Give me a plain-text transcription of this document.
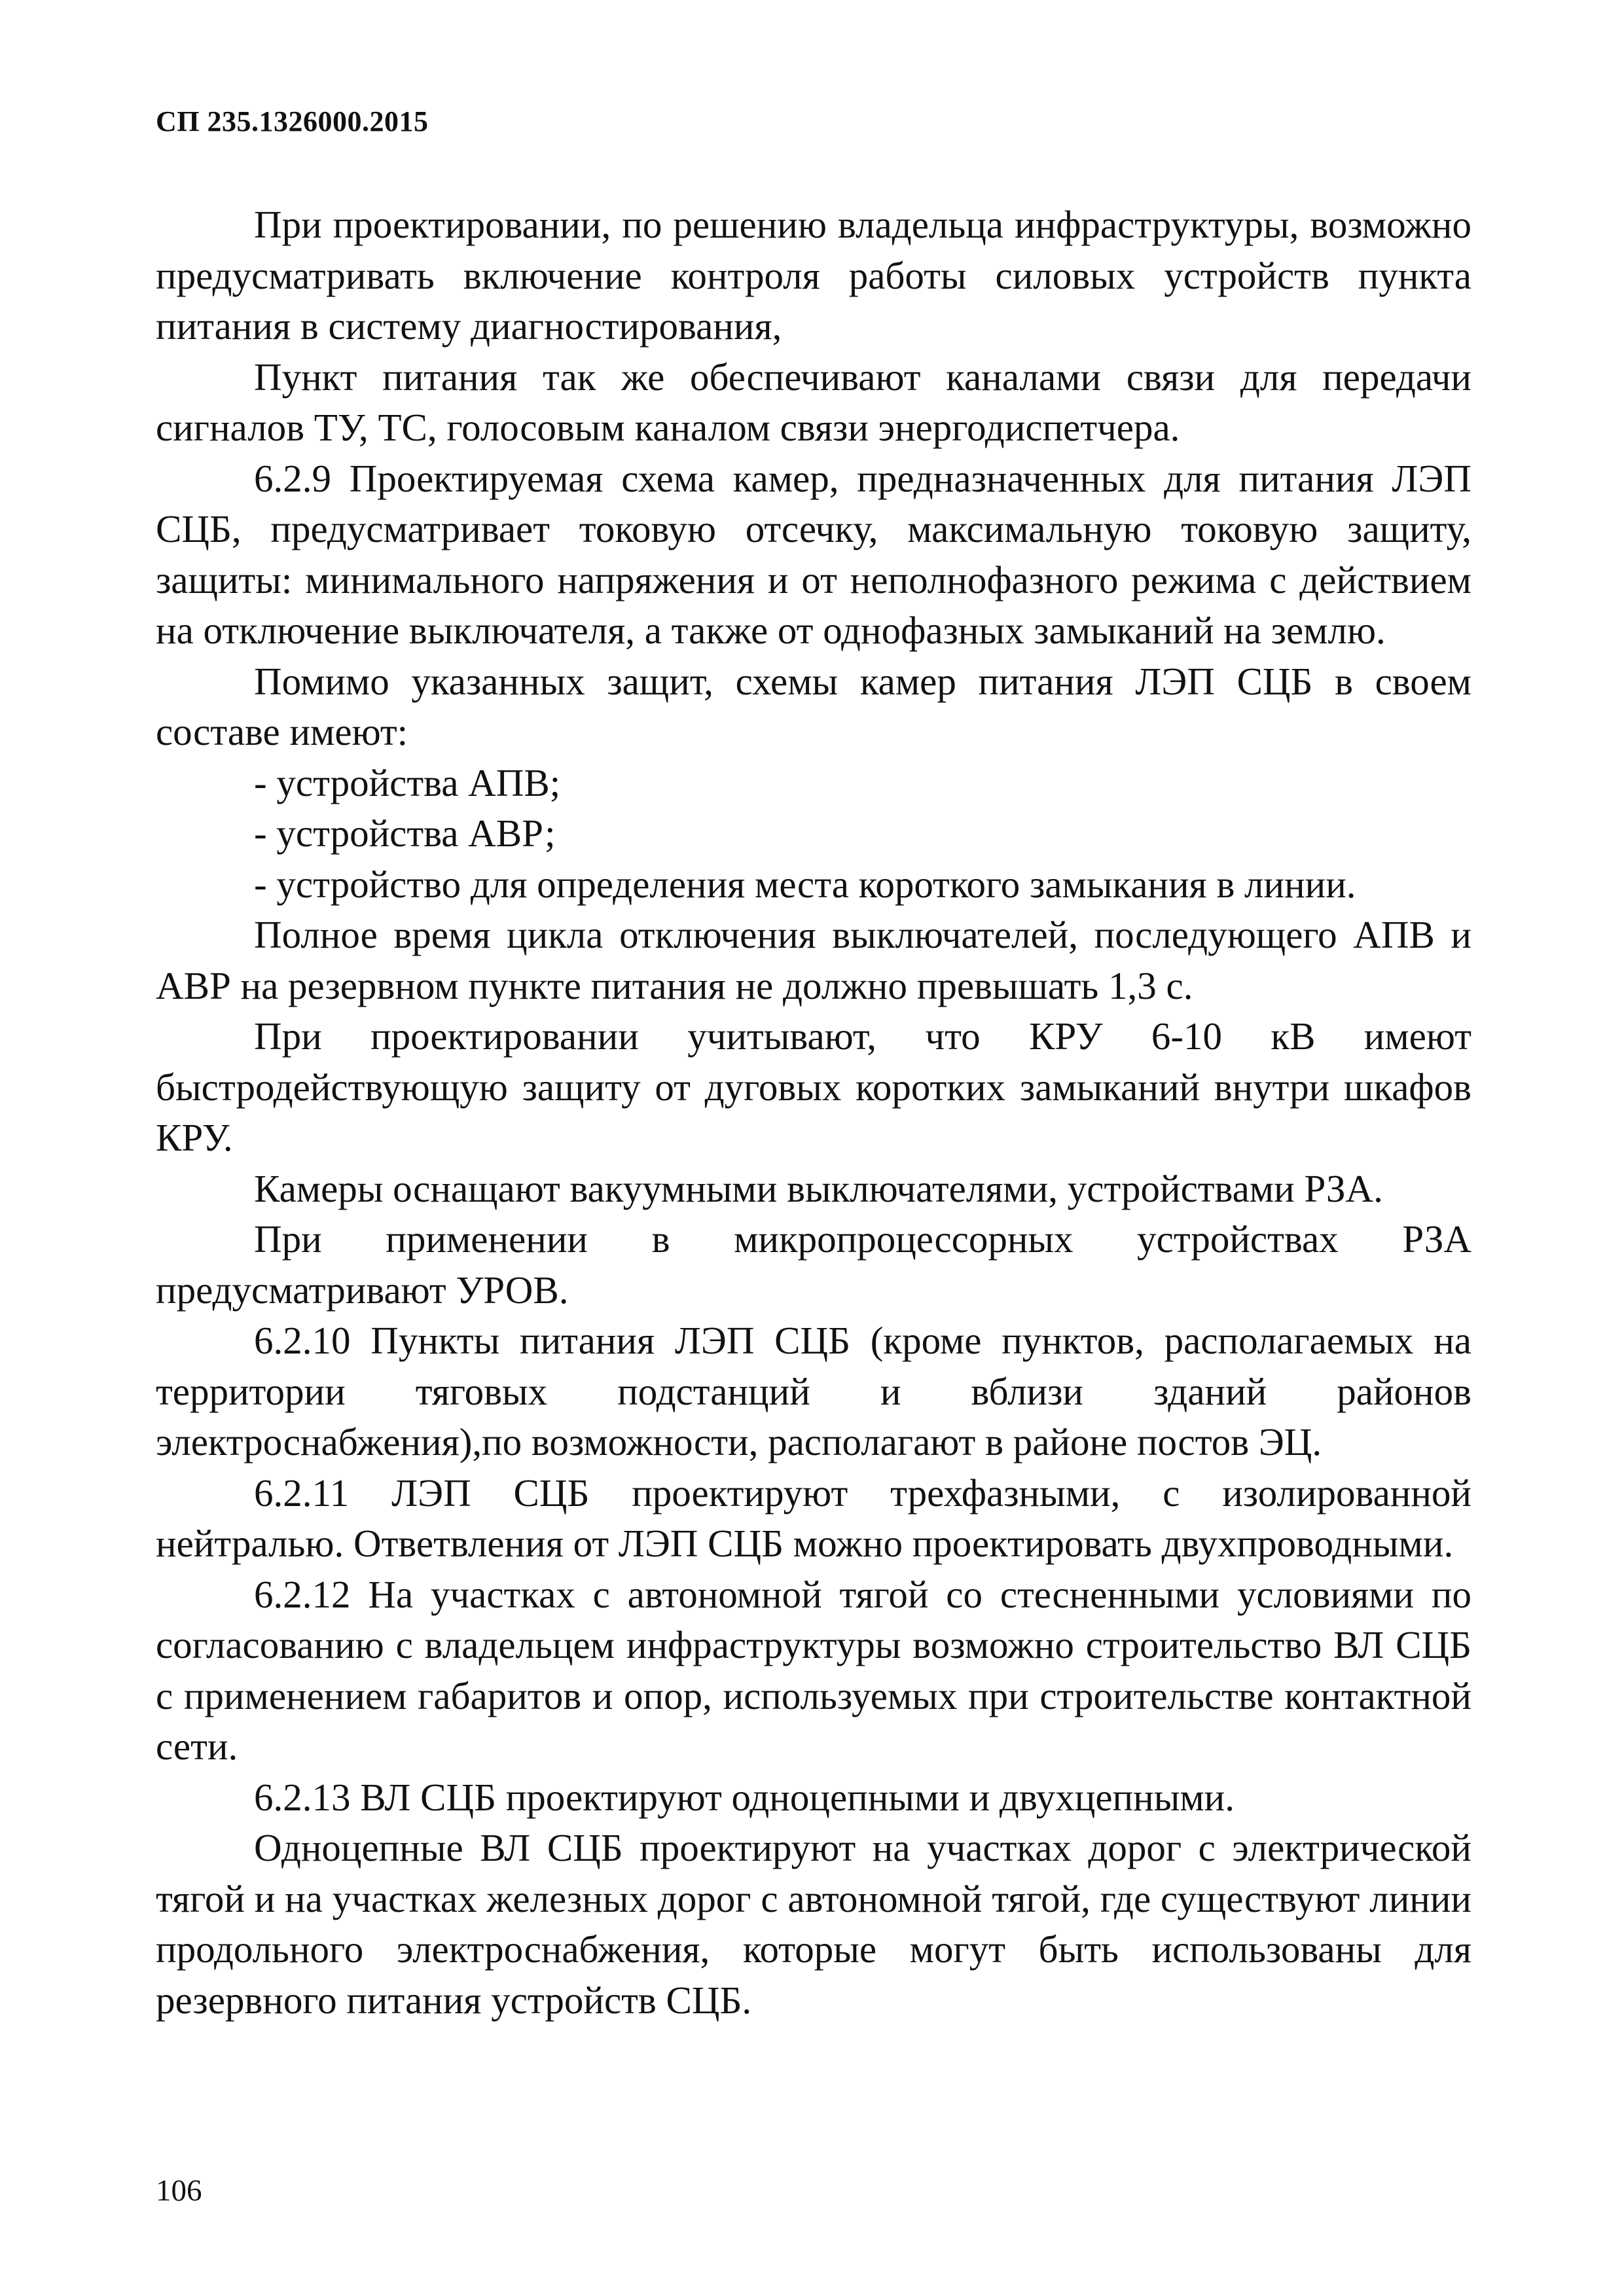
СП 235.1326000.2015

При проектировании, по решению владельца инфраструктуры, возможно предусматривать включение контроля работы силовых устройств пункта питания в систему диагностирования,

Пункт питания так же обеспечивают каналами связи для передачи сигналов ТУ, ТС, голосовым каналом связи энергодиспетчера.

6.2.9 Проектируемая схема камер, предназначенных для питания ЛЭП СЦБ, предусматривает токовую отсечку, максимальную токовую защиту, защиты: минимального напряжения и от неполнофазного режима с действием на отключение выключателя, а также от однофазных замыканий на землю.

Помимо указанных защит, схемы камер питания ЛЭП СЦБ в своем составе имеют:

- устройства АПВ;

- устройства АВР;

- устройство для определения места короткого замыкания в линии.

Полное время цикла отключения выключателей, последующего АПВ и АВР на резервном пункте питания не должно превышать 1,3 с.

При проектировании учитывают, что КРУ 6-10 кВ имеют быстродействующую защиту от дуговых коротких замыканий внутри шкафов КРУ.

Камеры оснащают вакуумными выключателями, устройствами РЗА.

При применении в микропроцессорных устройствах РЗА предусматривают УРОВ.

6.2.10 Пункты питания ЛЭП СЦБ (кроме пунктов, располагаемых на территории тяговых подстанций и вблизи зданий районов электроснабжения),по возможности, располагают в районе постов ЭЦ.

6.2.11 ЛЭП СЦБ проектируют трехфазными, с изолированной нейтралью. Ответвления от ЛЭП СЦБ можно проектировать двухпроводными.

6.2.12 На участках с автономной тягой со стесненными условиями по согласованию с владельцем инфраструктуры возможно строительство ВЛ СЦБ с применением габаритов и опор, используемых при строительстве контактной сети.

6.2.13 ВЛ СЦБ проектируют одноцепными и двухцепными.

Одноцепные ВЛ СЦБ проектируют на участках дорог с электрической тягой и на участках железных дорог с автономной тягой, где существуют линии продольного электроснабжения, которые могут быть использованы для резервного питания устройств СЦБ.

106
